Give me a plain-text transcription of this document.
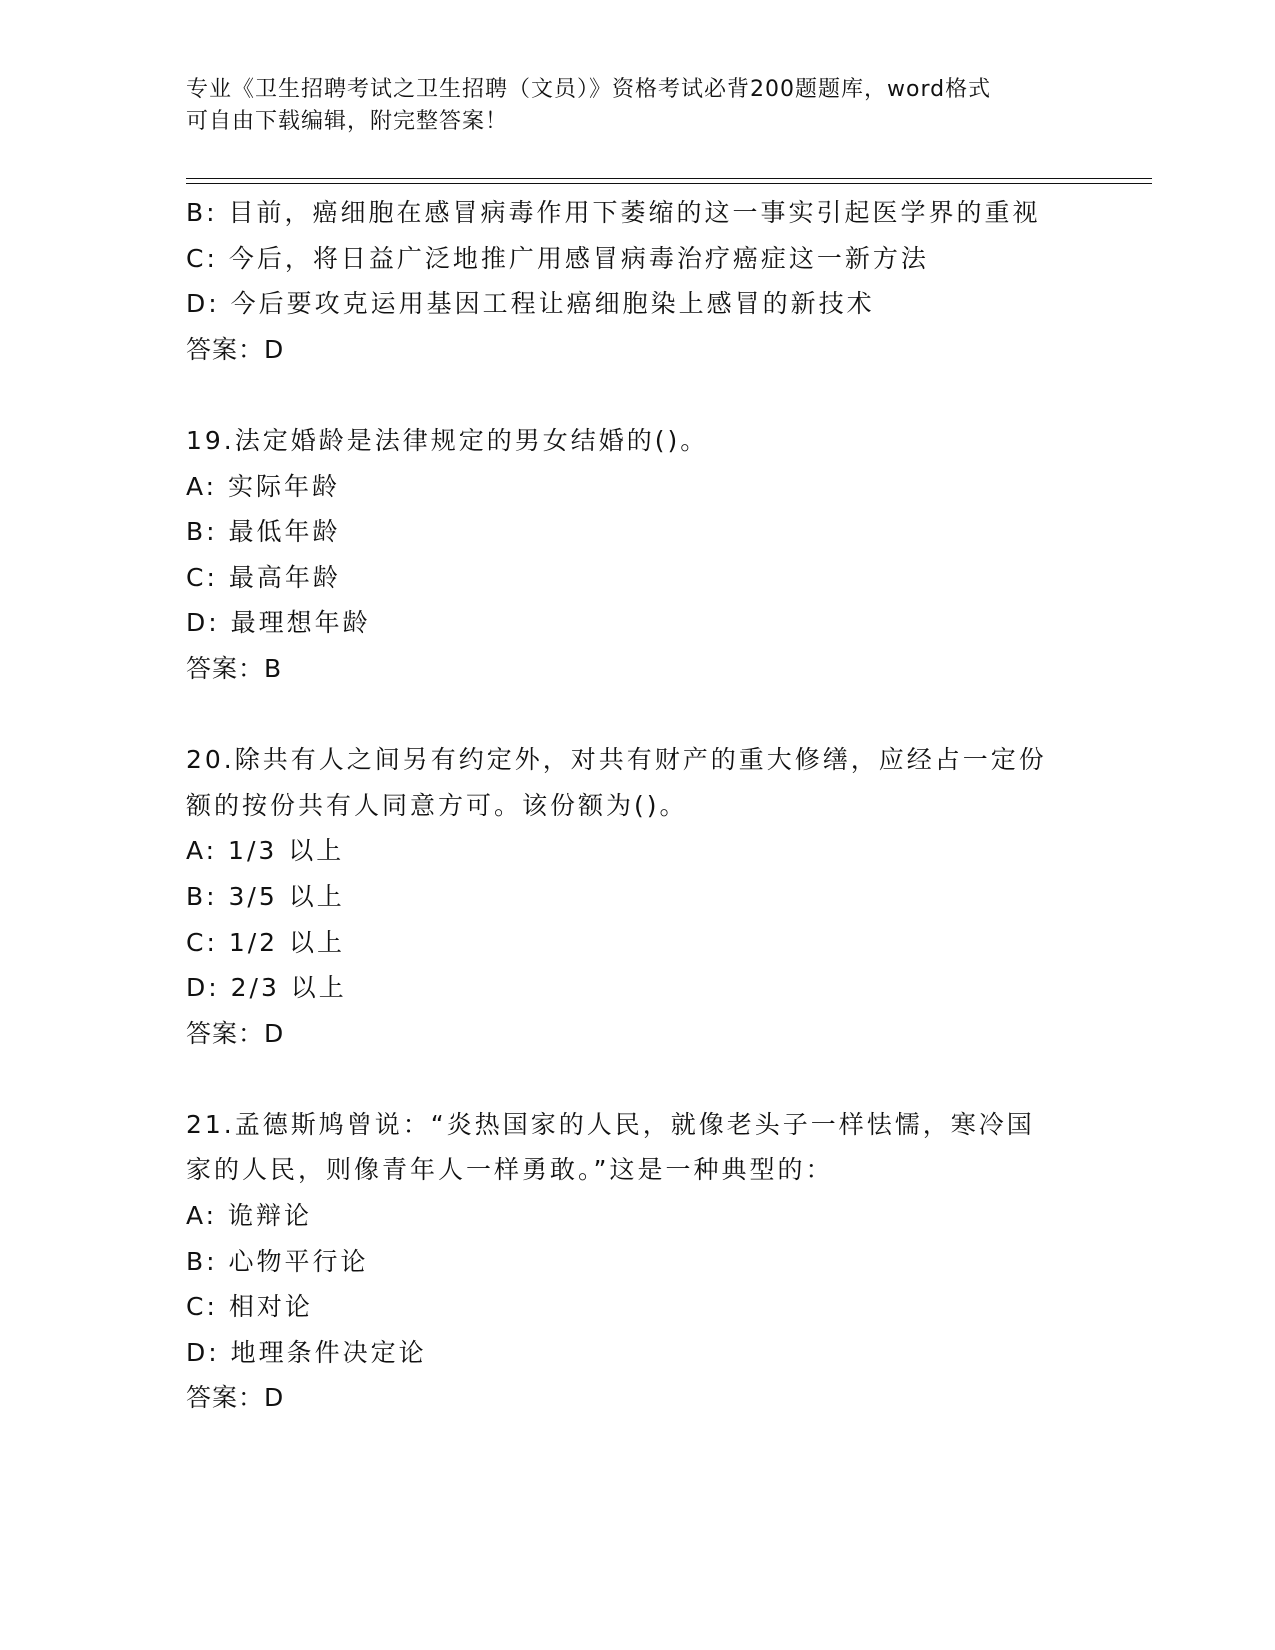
专业《卫生招聘考试之卫生招聘（文员）》资格考试必背200题题库，word格式
可自由下载编辑，附完整答案！
B: 目前，癌细胞在感冒病毒作用下萎缩的这一事实引起医学界的重视
C: 今后，将日益广泛地推广用感冒病毒治疗癌症这一新方法
D: 今后要攻克运用基因工程让癌细胞染上感冒的新技术
答案：D
19.法定婚龄是法律规定的男女结婚的()。
A: 实际年龄
B: 最低年龄
C: 最高年龄
D: 最理想年龄
答案：B
20.除共有人之间另有约定外，对共有财产的重大修缮，应经占一定份
额的按份共有人同意方可。该份额为()。
A: 1/3 以上
B: 3/5 以上
C: 1/2 以上
D: 2/3 以上
答案：D
21.孟德斯鸠曾说：“炎热国家的人民，就像老头子一样怯懦，寒冷国
家的人民，则像青年人一样勇敢。”这是一种典型的：
A: 诡辩论
B: 心物平行论
C: 相对论
D: 地理条件决定论
答案：D
